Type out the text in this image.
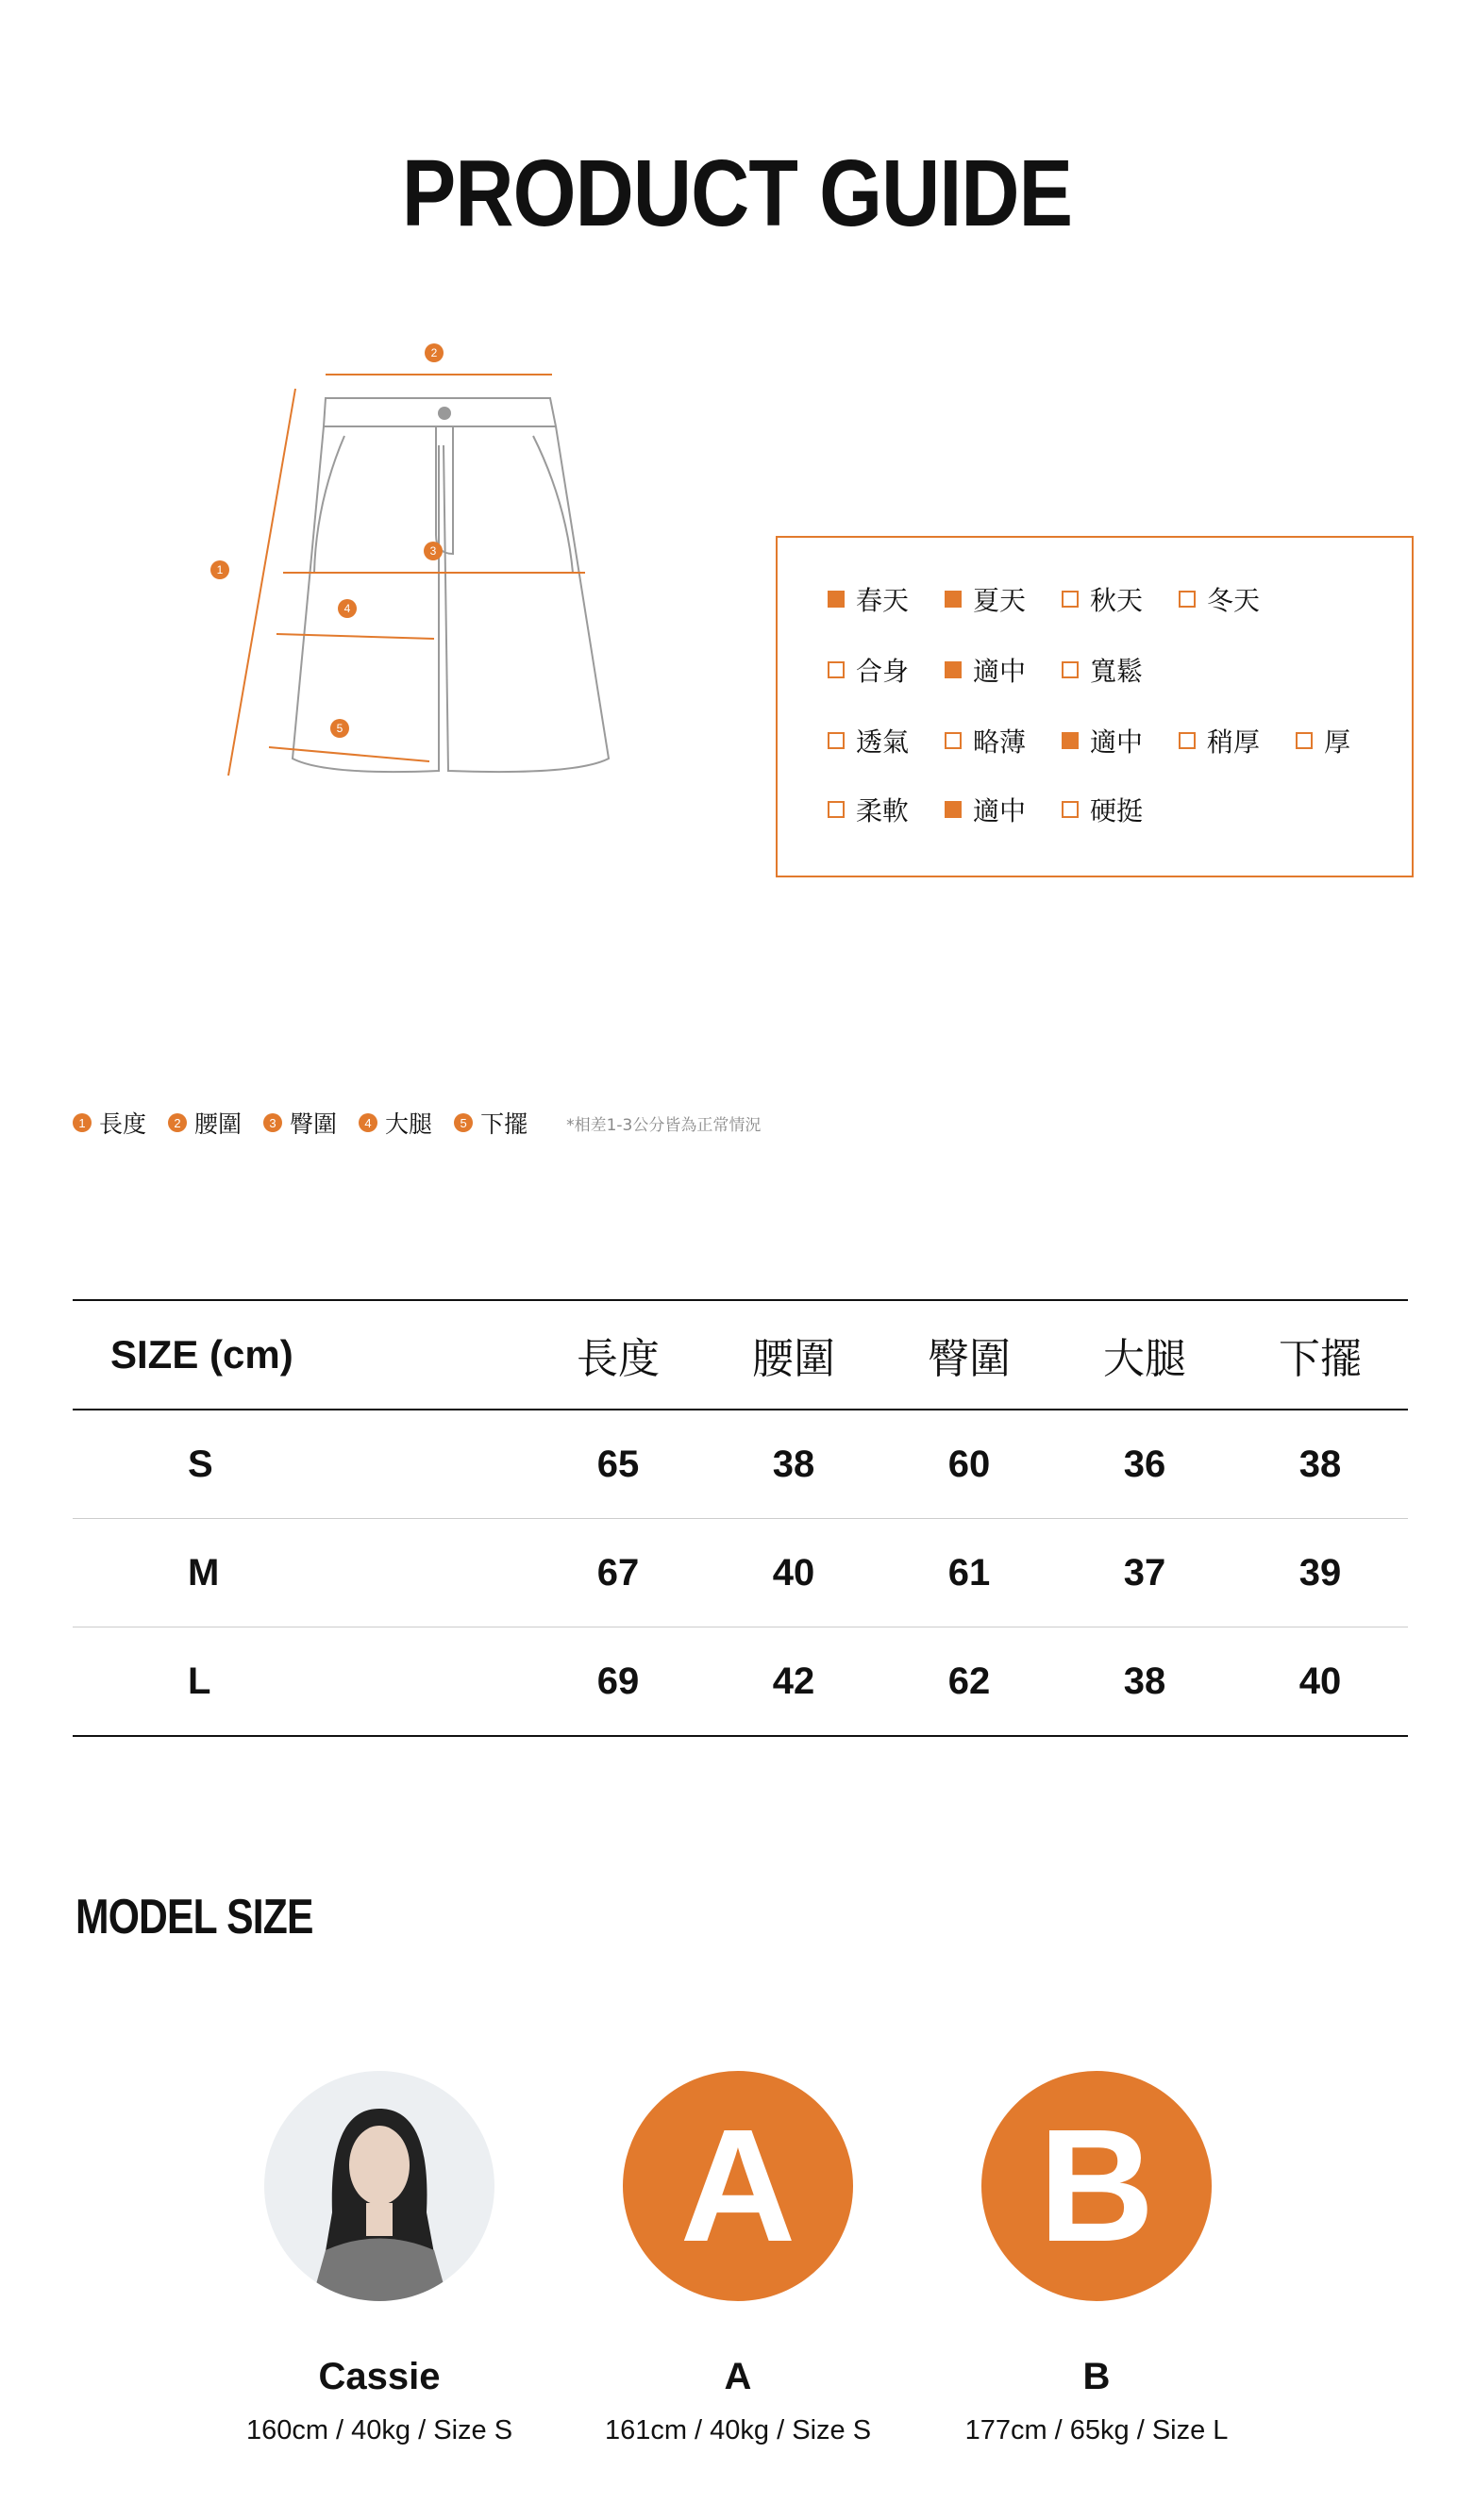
PRODUCT GUIDE
2
1
3
4
5
春天 夏天 秋天 冬天
合身 適中 寬鬆
透氣 略薄 適中 稍厚 厚
柔軟 適中 硬挺
1 長度	2 腰圍	3 臀圍	4 大腿	5 下擺 *相差1-3公分皆為正常情況
SIZE (cm)	長度	腰圍	臀圍	大腿	下擺
S	65	38	60	36	38
M	67	40	61	37	39
L	69	42	62	38	40
MODEL SIZE
Cassie
160cm / 40kg / Size S
A
A
161cm / 40kg / Size S
B
B
177cm / 65kg / Size L
